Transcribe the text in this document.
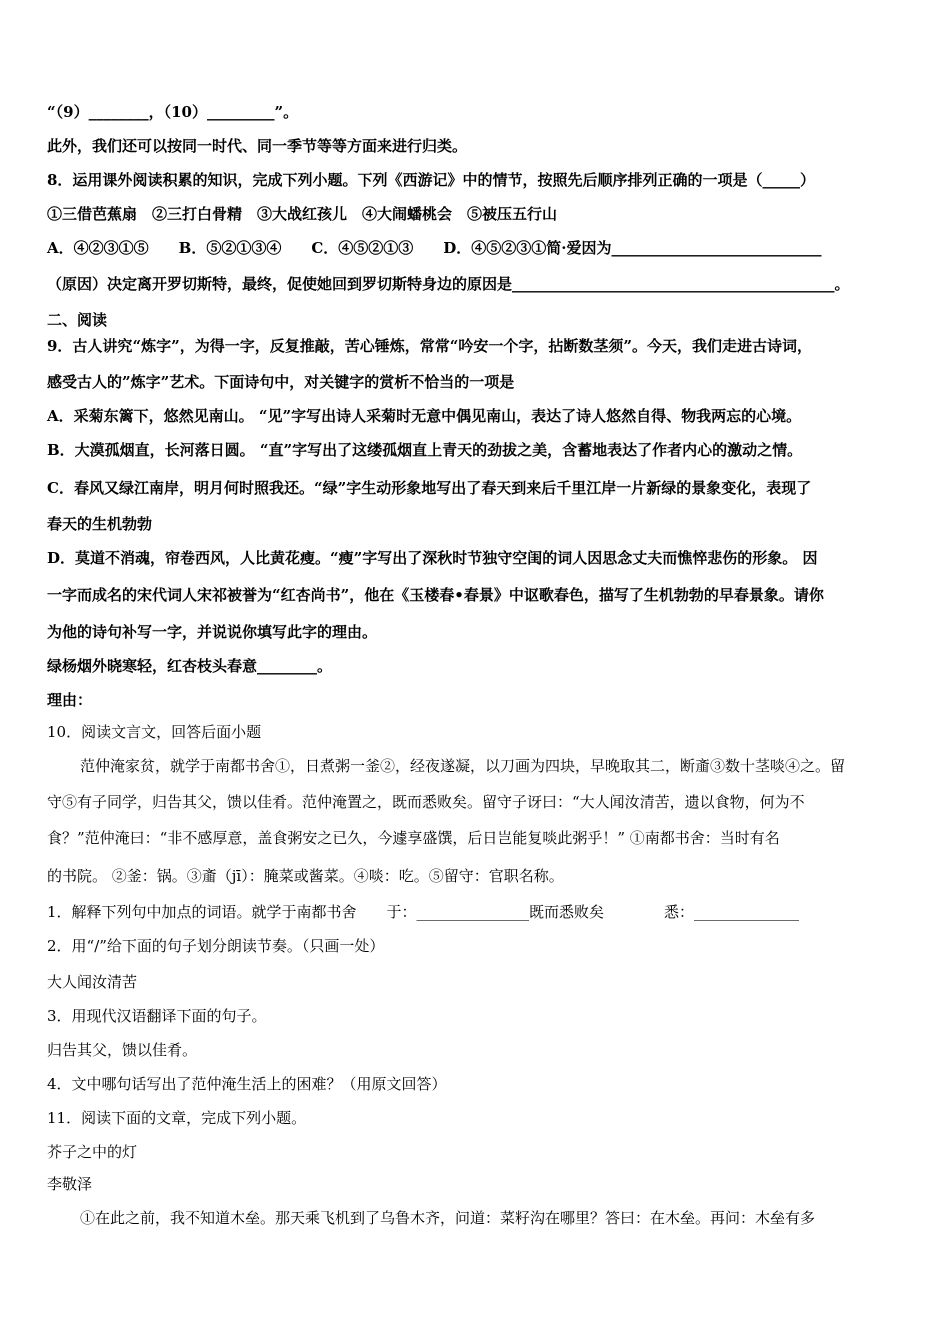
“（9）________，（10）_________”。
此外，我们还可以按同一时代、同一季节等等方面来进行归类。
8．运用课外阅读积累的知识，完成下列小题。下列《西游记》中的情节，按照先后顺序排列正确的一项是（_____）
①三借芭蕉扇　②三打白骨精　③大战红孩儿　④大闹蟠桃会　⑤被压五行山
A．④②③①⑤　　B．⑤②①③④　　C．④⑤②①③　　D．④⑤②③①简·爱因为____________________________
（原因）决定离开罗切斯特，最终，促使她回到罗切斯特身边的原因是___________________________________________。
二、阅读
9．古人讲究“炼字”，为得一字，反复推敲，苦心锤炼，常常“吟安一个字，拈断数茎须”。今天，我们走进古诗词，
感受古人的”炼字”艺术。下面诗句中，对关键字的赏析不恰当的一项是
A．采菊东篱下，悠然见南山。 “见”字写出诗人采菊时无意中偶见南山，表达了诗人悠然自得、物我两忘的心境。
B．大漠孤烟直，长河落日圆。 “直”字写出了这缕孤烟直上青天的劲拔之美，含蓄地表达了作者内心的激动之情。
C．春风又绿江南岸，明月何时照我还。“绿”字生动形象地写出了春天到来后千里江岸一片新绿的景象变化，表现了
春天的生机勃勃
D．莫道不消魂，帘卷西风，人比黄花瘦。“瘦”字写出了深秋时节独守空闺的词人因思念丈夫而憔悴悲伤的形象。 因
一字而成名的宋代词人宋祁被誉为“红杏尚书”，他在《玉楼春•春景》中讴歌春色，描写了生机勃勃的早春景象。请你
为他的诗句补写一字，并说说你填写此字的理由。
绿杨烟外晓寒轻，红杏枝头春意________。
理由：
10．阅读文言文，回答后面小题
范仲淹家贫，就学于南都书舍①，日煮粥一釜②，经夜遂凝，以刀画为四块，早晚取其二，断齑③数十茎啖④之。留
守⑤有子同学，归告其父，馈以佳肴。范仲淹置之，既而悉败矣。留守子讶曰：“大人闻汝清苦，遗以食物，何为不
食？”范仲淹曰：“非不感厚意，盖食粥安之已久，今遽享盛馔，后日岂能复啖此粥乎！” ①南都书舍：当时有名
的书院。 ②釜：锅。③齑（jī）：腌菜或酱菜。④啖：吃。⑤留守：官职名称。
1．解释下列句中加点的词语。就学于南都书舍　　于：_______________既而悉败矣　　　　悉：______________
2．用“/”给下面的句子划分朗读节奏。（只画一处）
大人闻汝清苦
3．用现代汉语翻译下面的句子。
归告其父，馈以佳肴。
4．文中哪句话写出了范仲淹生活上的困难？（用原文回答）
11．阅读下面的文章，完成下列小题。
芥子之中的灯
李敬泽
①在此之前，我不知道木垒。那天乘飞机到了乌鲁木齐，问道：菜籽沟在哪里？答曰：在木垒。再问：木垒有多
